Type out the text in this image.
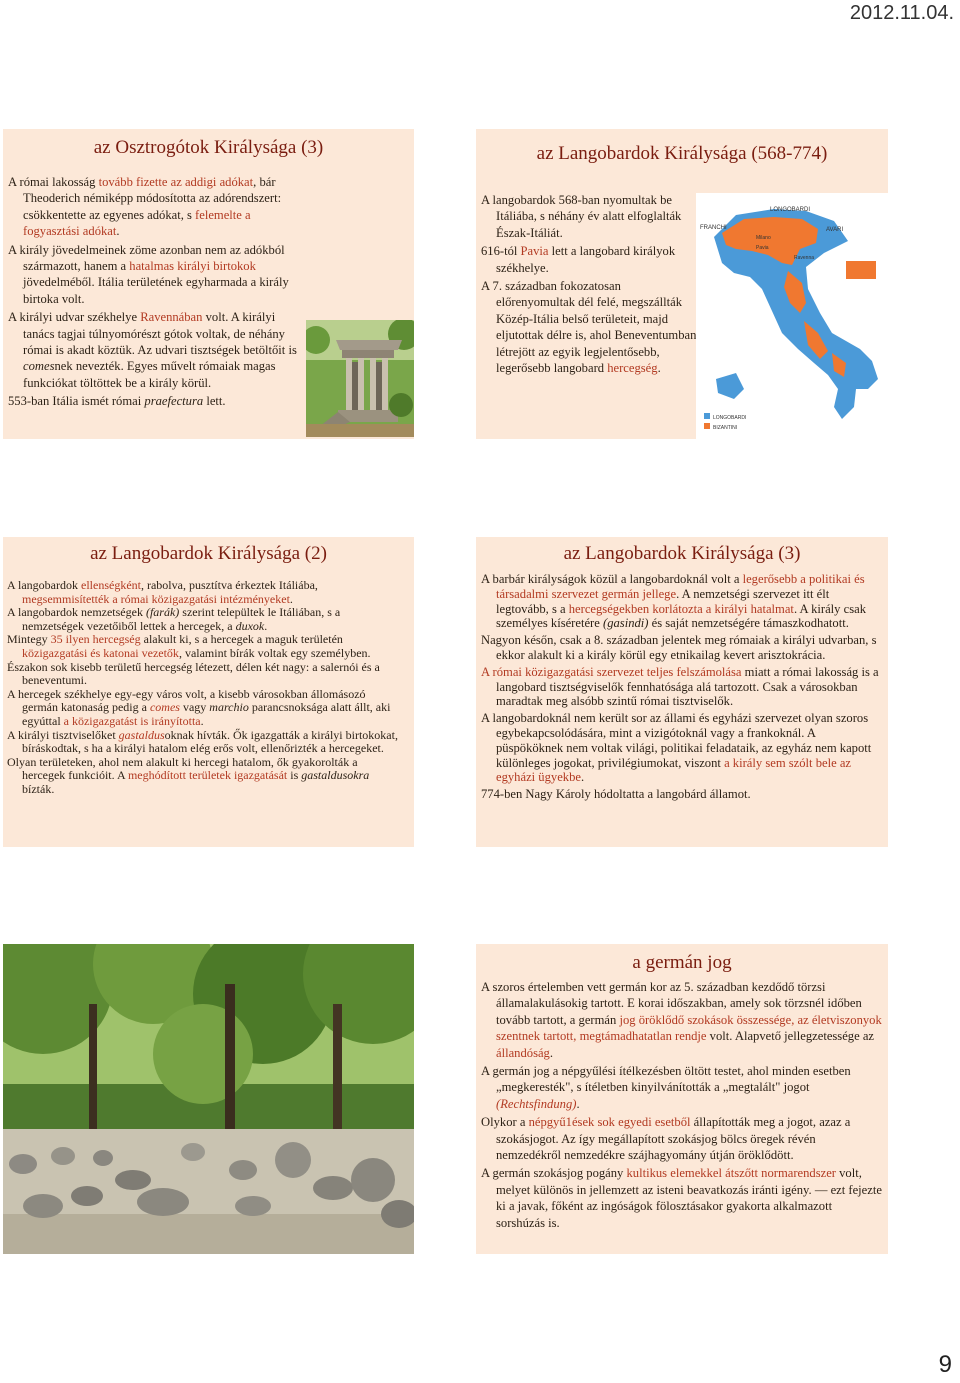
2012.11.04.
az Osztrogótok Királysága (3)

A római lakosság tovább fizette az addigi adókat, bár Theoderich némiképp módosította az adórendszert: csökkentette az egyenes adókat, s felemelte a fogyasztási adókat.

A király jövedelmeinek zöme azonban nem az adókból származott, hanem a hatalmas királyi birtokok jövedelméből. Itália területének egyharmada a király birtoka volt.

A királyi udvar székhelye Ravennában volt. A királyi tanács tagjai túlnyomórészt gótok voltak, de néhány római is akadt köztük. Az udvari tisztségek betöltőit is comesnek nevezték. Egyes művelt rómaiak magas funkciókat töltöttek be a király körül.

553-ban Itália ismét római praefectura lett.

az Langobardok Királysága (568-774)

A langobardok 568-ban nyomultak be Itáliába, s néhány év alatt elfoglalták Észak-Itáliát.

616-tól Pavia lett a langobard királyok székhelye.

A 7. században fokozatosan előrenyomultak dél felé, megszállták Közép-Itália belső területeit, majd eljutottak délre is, ahol Beneventumban létrejött az egyik legjelentősebb, legerősebb langobard hercegség.

FRANCHI
LONGOBARDI
Milano
Pavia
Ravenna
AVARI
LONGOBARDI
BIZANTINI
az Langobardok Királysága (2)

A langobardok ellenségként, rabolva, pusztítva érkeztek Itáliába, megsemmisítették a római közigazgatási intézményeket.

A langobardok nemzetségek (farák) szerint települtek le Itáliában, s a nemzetségek vezetőiből lettek a hercegek, a duxok.

Mintegy 35 ilyen hercegség alakult ki, s a hercegek a maguk területén közigazgatási és katonai vezetők, valamint bírák voltak egy személyben.

Északon sok kisebb területű hercegség létezett, délen két nagy: a salernói és a beneventumi.

A hercegek székhelye egy-egy város volt, a kisebb városokban állomásozó germán katonaság pedig a comes vagy marchio parancsnoksága alatt állt, aki egyúttal a közigazgatást is irányította.

A királyi tisztviselőket gastaldusoknak hívták. Ők igazgatták a királyi birtokokat, bíráskodtak, s ha a királyi hatalom elég erős volt, ellenőrizték a hercegeket.

Olyan területeken, ahol nem alakult ki hercegi hatalom, ők gyakorolták a hercegek funkcióit. A meghódított területek igazgatását is gastaldusokra bízták.

az Langobardok Királysága (3)

A barbár királyságok közül a langobardoknál volt a legerősebb a politikai és társadalmi szervezet germán jellege. A nemzetségi szervezet itt élt legtovább, s a hercegségekben korlátozta a királyi hatalmat. A király csak személyes kíséretére (gasindi) és saját nemzetségére támaszkodhatott.

Nagyon későn, csak a 8. században jelentek meg rómaiak a királyi udvarban, s ekkor alakult ki a király körül egy etnikailag kevert arisztokrácia.

A római közigazgatási szervezet teljes felszámolása miatt a római lakosság is a langobard tisztségviselők fennhatósága alá tartozott. Csak a városokban maradtak meg alsóbb szintű római tisztviselők.

A langobardoknál nem került sor az állami és egyházi szervezet olyan szoros egybekapcsolódására, mint a vizigótoknál vagy a frankoknál. A püspököknek nem voltak világi, politikai feladataik, az egyház nem kapott különleges jogokat, privilégiumokat, viszont a király sem szólt bele az egyházi ügyekbe.

774-ben Nagy Károly hódoltatta a langobárd államot.

a germán jog

A szoros értelemben vett germán kor az 5. században kezdődő törzsi államalakulásokig tartott. E korai időszakban, amely sok törzsnél időben tovább tartott, a germán jog öröklődő szokások összessége, az életviszonyok szentnek tartott, megtámadhatatlan rendje volt. Alapvető jellegzetessége az állandóság.

A germán jog a népgyűlési ítélkezésben öltött testet, ahol minden esetben „megkeresték", s ítéletben kinyilvánították a „megtalált" jogot (Rechtsfindung).

Olykor a népgyű1ések sok egyedi esetből állapították meg a jogot, azaz a szokásjogot. Az így megállapított szokásjog bölcs öregek révén nemzedékről nemzedékre szájhagyomány útján öröklődött.

A germán szokásjog pogány kultikus elemekkel átszőtt normarendszer volt, melyet különös in jellemzett az isteni beavatkozás iránti igény. — ezt fejezte ki a javak, főként az ingóságok fölosztásakor gyakorta alkalmazott sorshúzás is.

9
